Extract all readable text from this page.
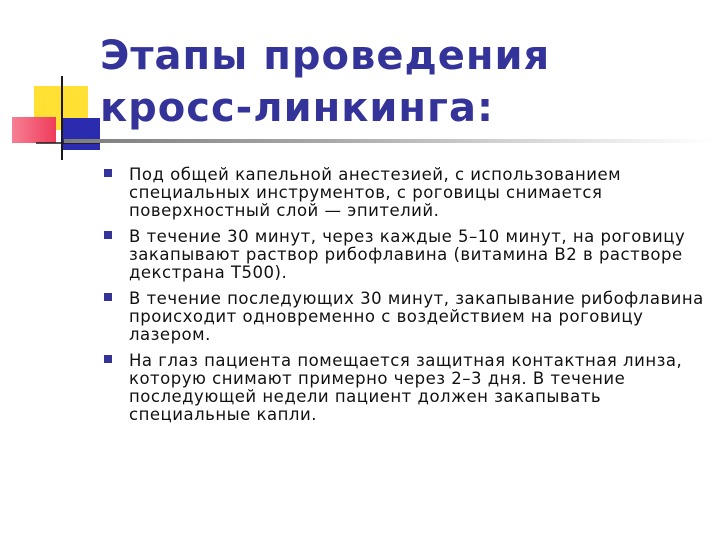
Этапы проведения
кросс-линкинга:
Под общей капельной анестезией, с использованием специальных инструментов, с роговицы снимается поверхностный слой — эпителий.
В течение 30 минут, через каждые 5–10 минут, на роговицу закапывают раствор рибофлавина (витамина B2 в растворе декстрана T500).
В течение последующих 30 минут, закапывание рибофлавина происходит одновременно с воздействием на роговицу лазером.
На глаз пациента помещается защитная контактная линза, которую снимают примерно через 2–3 дня. В течение последующей недели пациент должен закапывать специальные капли.
